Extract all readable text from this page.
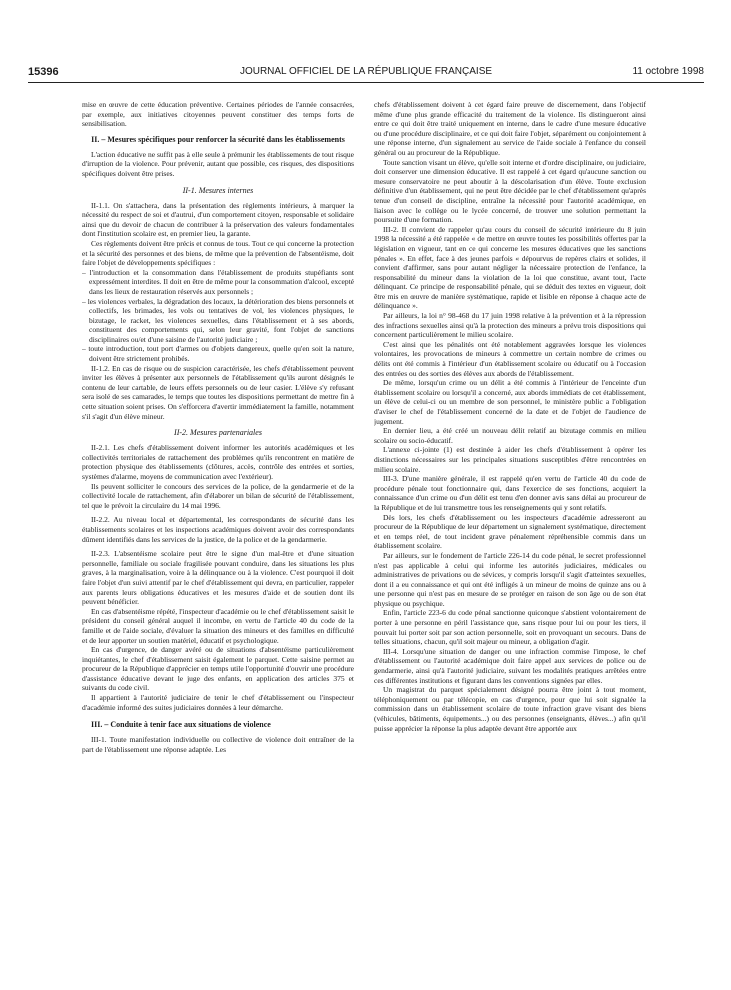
15396	JOURNAL OFFICIEL DE LA RÉPUBLIQUE FRANÇAISE	11 octobre 1998

mise en œuvre de cette éducation préventive. Certaines périodes de l'année consacrées, par exemple, aux initiatives citoyennes peuvent constituer des temps forts de sensibilisation.

II. – Mesures spécifiques pour renforcer la sécurité dans les établissements

L'action éducative ne suffit pas à elle seule à prémunir les établissements de tout risque d'irruption de la violence. Pour prévenir, autant que possible, ces risques, des dispositions spécifiques doivent être prises.

II-1. Mesures internes

II-1.1. On s'attachera, dans la présentation des règlements intérieurs, à marquer la nécessité du respect de soi et d'autrui, d'un comportement citoyen, responsable et solidaire ainsi que du devoir de chacun de contribuer à la préservation des valeurs fondamentales dont l'institution scolaire est, en premier lieu, la garante.

Ces règlements doivent être précis et connus de tous. Tout ce qui concerne la protection et la sécurité des personnes et des biens, de même que la prévention de l'absentéisme, doit faire l'objet de développements spécifiques :

– l'introduction et la consommation dans l'établissement de produits stupéfiants sont expressément interdites. Il doit en être de même pour la consommation d'alcool, excepté dans les lieux de restauration réservés aux personnels ;
– les violences verbales, la dégradation des locaux, la détérioration des biens personnels et collectifs, les brimades, les vols ou tentatives de vol, les violences physiques, le bizutage, le racket, les violences sexuelles, dans l'établissement et à ses abords, constituent des comportements qui, selon leur gravité, font l'objet de sanctions disciplinaires ou/et d'une saisine de l'autorité judiciaire ;
– toute introduction, tout port d'armes ou d'objets dangereux, quelle qu'en soit la nature, doivent être strictement prohibés.

II-1.2. En cas de risque ou de suspicion caractérisée, les chefs d'établissement peuvent inviter les élèves à présenter aux personnels de l'établissement qu'ils auront désignés le contenu de leur cartable, de leurs effets personnels ou de leur casier. L'élève s'y refusant sera isolé de ses camarades, le temps que toutes les dispositions permettant de mettre fin à cette situation soient prises. On s'efforcera d'avertir immédiatement la famille, notamment s'il s'agit d'un élève mineur.

II-2. Mesures partenariales

II-2.1. Les chefs d'établissement doivent informer les autorités académiques et les collectivités territoriales de rattachement des problèmes qu'ils rencontrent en matière de protection physique des établissements (clôtures, accès, contrôle des entrées et sorties, systèmes d'alarme, moyens de communication avec l'extérieur).

Ils peuvent solliciter le concours des services de la police, de la gendarmerie et de la collectivité locale de rattachement, afin d'élaborer un bilan de sécurité de l'établissement, tel que le prévoit la circulaire du 14 mai 1996.

II-2.2. Au niveau local et départemental, les correspondants de sécurité dans les établissements scolaires et les inspections académiques doivent avoir des correspondants dûment identifiés dans les services de la justice, de la police et de la gendarmerie.

II-2.3. L'absentéisme scolaire peut être le signe d'un mal-être et d'une situation personnelle, familiale ou sociale fragilisée pouvant conduire, dans les situations les plus graves, à la marginalisation, voire à la délinquance ou à la violence. C'est pourquoi il doit faire l'objet d'un suivi attentif par le chef d'établissement qui devra, en particulier, rappeler aux parents leurs obligations éducatives et les mesures d'aide et de soutien dont ils peuvent bénéficier.

En cas d'absentéisme répété, l'inspecteur d'académie ou le chef d'établissement saisit le président du conseil général auquel il incombe, en vertu de l'article 40 du code de la famille et de l'aide sociale, d'évaluer la situation des mineurs et des familles en difficulté et de leur apporter un soutien matériel, éducatif et psychologique.

En cas d'urgence, de danger avéré ou de situations d'absentéisme particulièrement inquiétantes, le chef d'établissement saisit également le parquet. Cette saisine permet au procureur de la République d'apprécier en temps utile l'opportunité d'ouvrir une procédure d'assistance éducative devant le juge des enfants, en application des articles 375 et suivants du code civil.

Il appartient à l'autorité judiciaire de tenir le chef d'établissement ou l'inspecteur d'académie informé des suites judiciaires données à leur démarche.

III. – Conduite à tenir face aux situations de violence

III-1. Toute manifestation individuelle ou collective de violence doit entraîner de la part de l'établissement une réponse adaptée. Les

chefs d'établissement doivent à cet égard faire preuve de discernement, dans l'objectif même d'une plus grande efficacité du traitement de la violence. Ils distingueront ainsi entre ce qui doit être traité uniquement en interne, dans le cadre d'une mesure éducative ou d'une procédure disciplinaire, et ce qui doit faire l'objet, séparément ou conjointement à une réponse interne, d'un signalement au service de l'aide sociale à l'enfance du conseil général ou au procureur de la République.

Toute sanction visant un élève, qu'elle soit interne et d'ordre disciplinaire, ou judiciaire, doit conserver une dimension éducative. Il est rappelé à cet égard qu'aucune sanction ou mesure conservatoire ne peut aboutir à la déscolarisation d'un élève. Toute exclusion définitive d'un établissement, qui ne peut être décidée par le chef d'établissement qu'après tenue d'un conseil de discipline, entraîne la nécessité pour l'autorité académique, en liaison avec le collège ou le lycée concerné, de trouver une solution permettant la poursuite d'une formation.

III-2. Il convient de rappeler qu'au cours du conseil de sécurité intérieure du 8 juin 1998 la nécessité a été rappelée « de mettre en œuvre toutes les possibilités offertes par la législation en vigueur, tant en ce qui concerne les mesures éducatives que les sanctions pénales ». En effet, face à des jeunes parfois « dépourvus de repères clairs et solides, il convient d'affirmer, sans pour autant négliger la nécessaire protection de l'enfance, la responsabilité du mineur dans la violation de la loi que constitue, avant tout, l'acte délinquant. Ce principe de responsabilité pénale, qui se déduit des textes en vigueur, doit être mis en œuvre de manière systématique, rapide et lisible en réponse à chaque acte de délinquance ».

Par ailleurs, la loi n° 98-468 du 17 juin 1998 relative à la prévention et à la répression des infractions sexuelles ainsi qu'à la protection des mineurs a prévu trois dispositions qui concernent particulièrement le milieu scolaire.

C'est ainsi que les pénalités ont été notablement aggravées lorsque les violences volontaires, les provocations de mineurs à commettre un certain nombre de crimes ou délits ont été commis à l'intérieur d'un établissement scolaire ou éducatif ou à l'occasion des entrées ou des sorties des élèves aux abords de l'établissement.

De même, lorsqu'un crime ou un délit a été commis à l'intérieur de l'enceinte d'un établissement scolaire ou lorsqu'il a concerné, aux abords immédiats de cet établissement, un élève de celui-ci ou un membre de son personnel, le ministère public a l'obligation d'aviser le chef de l'établissement concerné de la date et de l'objet de l'audience de jugement.

En dernier lieu, a été créé un nouveau délit relatif au bizutage commis en milieu scolaire ou socio-éducatif.

L'annexe ci-jointe (1) est destinée à aider les chefs d'établissement à opérer les distinctions nécessaires sur les principales situations susceptibles d'être rencontrées en milieu scolaire.

III-3. D'une manière générale, il est rappelé qu'en vertu de l'article 40 du code de procédure pénale tout fonctionnaire qui, dans l'exercice de ses fonctions, acquiert la connaissance d'un crime ou d'un délit est tenu d'en donner avis sans délai au procureur de la République et de lui transmettre tous les renseignements qui y sont relatifs.

Dès lors, les chefs d'établissement ou les inspecteurs d'académie adresseront au procureur de la République de leur département un signalement systématique, directement et en temps réel, de tout incident grave pénalement répréhensible commis dans un établissement scolaire.

Par ailleurs, sur le fondement de l'article 226-14 du code pénal, le secret professionnel n'est pas applicable à celui qui informe les autorités judiciaires, médicales ou administratives de privations ou de sévices, y compris lorsqu'il s'agit d'atteintes sexuelles, dont il a eu connaissance et qui ont été infligés à un mineur de moins de quinze ans ou à une personne qui n'est pas en mesure de se protéger en raison de son âge ou de son état physique ou psychique.

Enfin, l'article 223-6 du code pénal sanctionne quiconque s'abstient volontairement de porter à une personne en péril l'assistance que, sans risque pour lui ou pour les tiers, il pouvait lui porter soit par son action personnelle, soit en provoquant un secours. Dans de telles situations, chacun, qu'il soit majeur ou mineur, a obligation d'agir.

III-4. Lorsqu'une situation de danger ou une infraction commise l'impose, le chef d'établissement ou l'autorité académique doit faire appel aux services de police ou de gendarmerie, ainsi qu'à l'autorité judiciaire, suivant les modalités pratiques arrêtées entre ces différentes institutions et figurant dans les conventions signées par elles.

Un magistrat du parquet spécialement désigné pourra être joint à tout moment, téléphoniquement ou par télécopie, en cas d'urgence, pour que lui soit signalée la commission dans un établissement scolaire de toute infraction grave visant des biens (véhicules, bâtiments, équipements...) ou des personnes (enseignants, élèves...) afin qu'il puisse apprécier la réponse la plus adaptée devant être apportée aux
